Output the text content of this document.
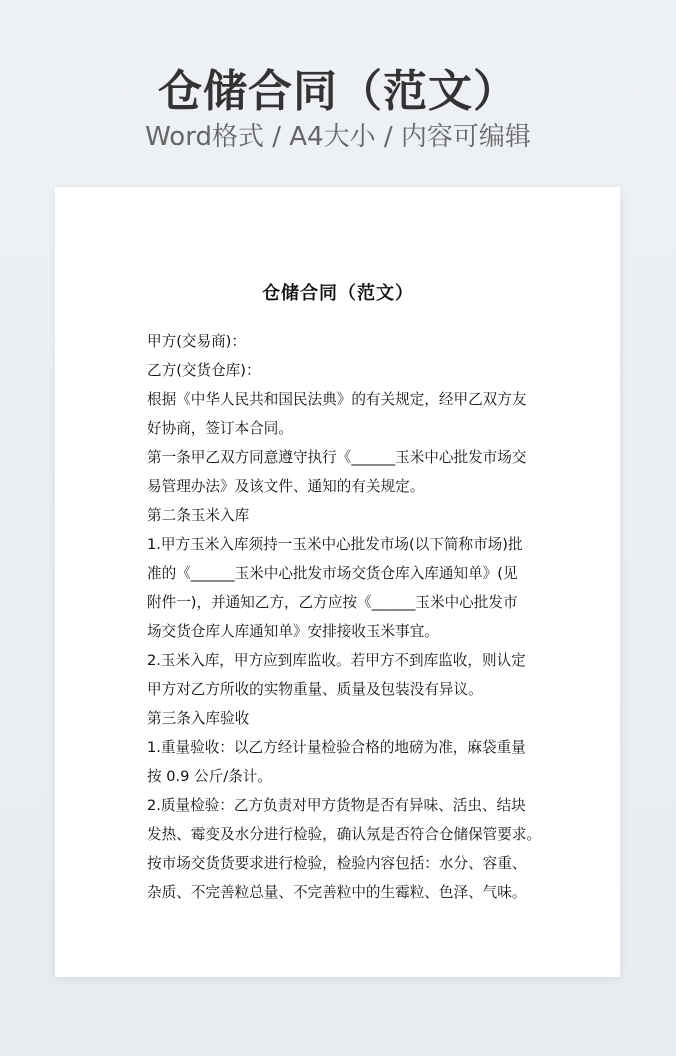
仓储合同（范文）
Word格式 / A4大小 / 内容可编辑
仓储合同（范文）
甲方(交易商)：
乙方(交货仓库)：
根据《中华人民共和国民法典》的有关规定，经甲乙双方友
好协商，签订本合同。
第一条甲乙双方同意遵守执行《______玉米中心批发市场交
易管理办法》及该文件、通知的有关规定。
第二条玉米入库
1.甲方玉米入库须持一玉米中心批发市场(以下简称市场)批
准的《______玉米中心批发市场交货仓库入库通知单》(见
附件一)，并通知乙方，乙方应按《______玉米中心批发市
场交货仓库人库通知单》安排接收玉米事宜。
2.玉米入库，甲方应到库监收。若甲方不到库监收，则认定
甲方对乙方所收的实物重量、质量及包装没有异议。
第三条入库验收
1.重量验收：以乙方经计量检验合格的地磅为准，麻袋重量
按 0.9 公斤/条计。
2.质量检验：乙方负责对甲方货物是否有异味、活虫、结块
发热、霉变及水分进行检验，确认氖是否符合仓储保管要求。
按市场交货货要求进行检验，检验内容包括：水分、容重、
杂质、不完善粒总量、不完善粒中的生霉粒、色泽、气味。
